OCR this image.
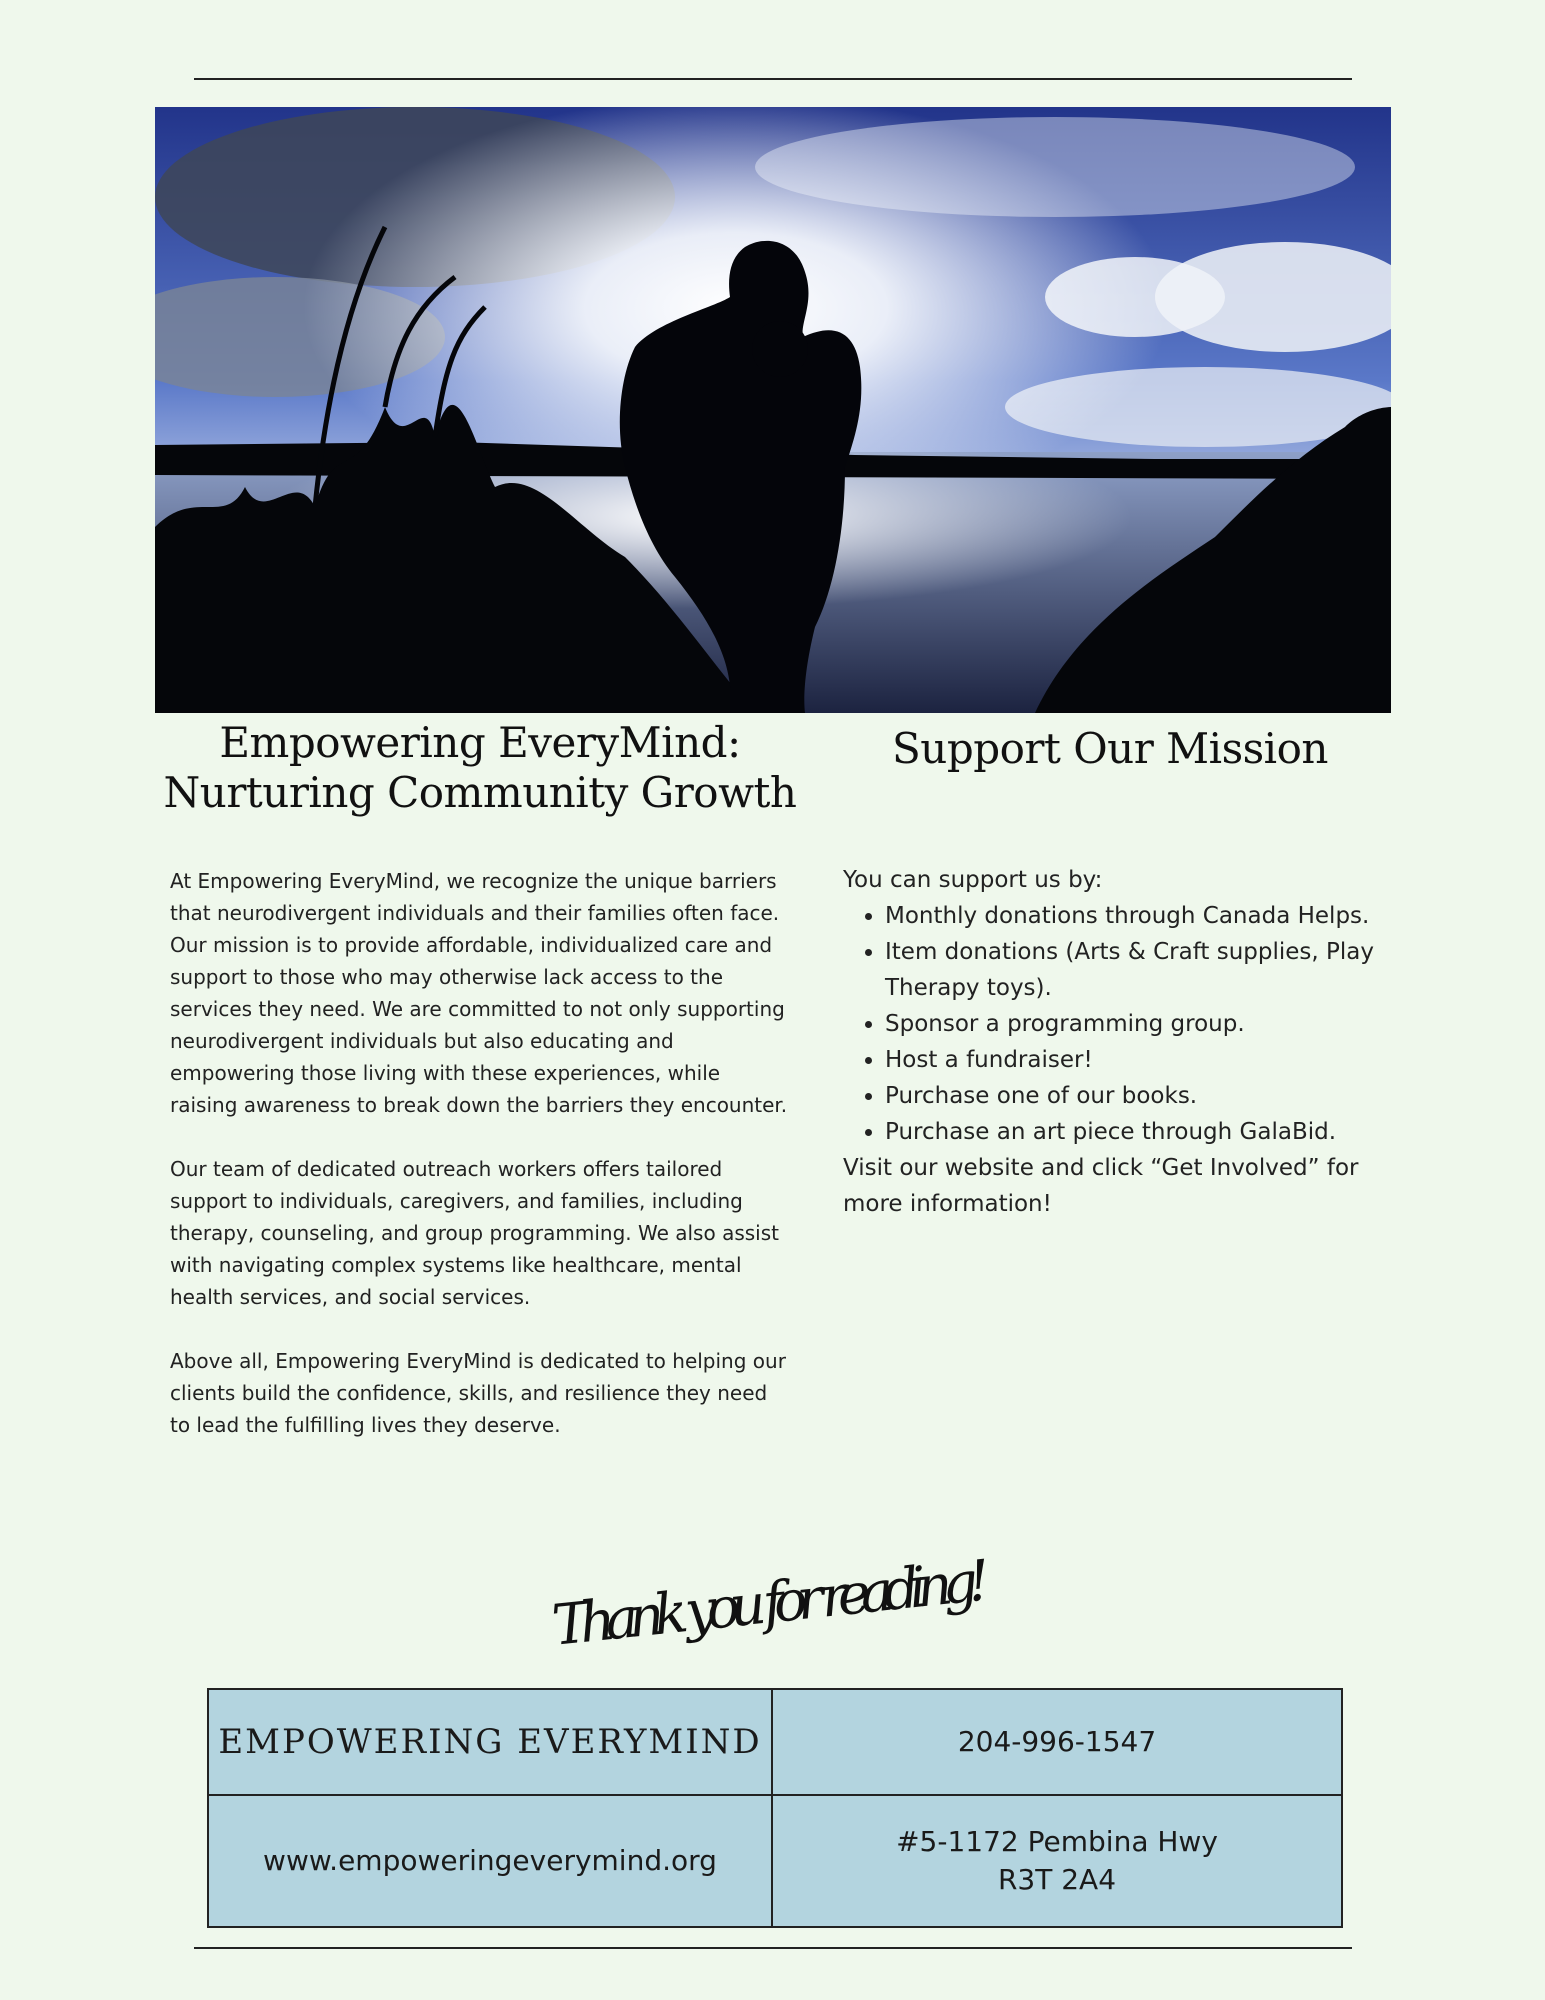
Empowering EveryMind:
Nurturing Community Growth
Support Our Mission

At Empowering EveryMind, we recognize the unique barriers that neurodivergent individuals and their families often face. Our mission is to provide affordable, individualized care and support to those who may otherwise lack access to the services they need. We are committed to not only supporting neurodivergent individuals but also educating and empowering those living with these experiences, while raising awareness to break down the barriers they encounter.

Our team of dedicated outreach workers offers tailored support to individuals, caregivers, and families, including therapy, counseling, and group programming. We also assist with navigating complex systems like healthcare, mental health services, and social services.

Above all, Empowering EveryMind is dedicated to helping our clients build the confidence, skills, and resilience they need to lead the fulfilling lives they deserve.

You can support us by:

• Monthly donations through Canada Helps.
• Item donations (Arts & Craft supplies, Play Therapy toys).
• Sponsor a programming group.
• Host a fundraiser!
• Purchase one of our books.
• Purchase an art piece through GalaBid.

Visit our website and click “Get Involved” for more information!

Thank you for reading!
EMPOWERING EVERYMIND	204-996-1547
www.empoweringeverymind.org
#5-1172 Pembina Hwy
R3T 2A4
